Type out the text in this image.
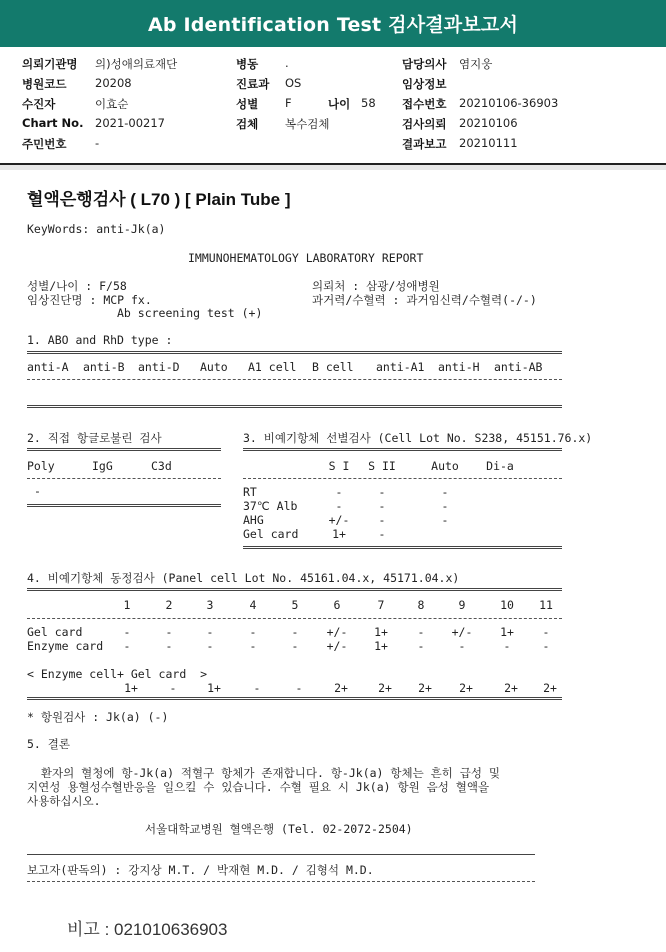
Ab Identification Test 검사결과보고서
의뢰기관명 의)성애의료재단	병동 .	담당의사 염지웅
병원코드 20208	진료과 OS	임상정보
수진자	이효순	성별 F	나이 58 접수번호 20210106-36903
Chart No. 2021-00217	검체 복수검체	검사의뢰 20210106
주민번호 -	결과보고 20210111
혈액은행검사 ( L70 ) [ Plain Tube ]
KeyWords: anti-Jk(a)
IMMUNOHEMATOLOGY LABORATORY REPORT
성별/나이 : F/58
임상진단명 : MCP fx.
Ab screening test (+)
의뢰처 : 삼광/성애병원
과거력/수혈력 : 과거임신력/수혈력(-/-)
1. ABO and RhD type :
anti-A anti-B anti-D Auto A1 cell B cell anti-A1 anti-H anti-AB
2. 직접 항글로불린 검사
Poly	IgG	C3d
-
3. 비예기항체 선별검사 (Cell Lot No. S238, 45151.76.x)
S I	S II	Auto	Di-a
RT	-	-	-
37℃ Alb	-	-	-
AHG	+/-	-	-
Gel card	1+	-
4. 비예기항체 동정검사 (Panel cell Lot No. 45161.04.x, 45171.04.x)
1	2	3	4	5	6	7	8	9	10	11
Gel card	-	-	-	-	-	+/-	1+	-	+/-	1+	-
Enzyme card	-	-	-	-	-	+/-	1+	-	-	-	-
< Enzyme cell+ Gel card  >
1+	-	1+	-	-	2+	2+	2+	2+	2+	2+
* 항원검사 : Jk(a) (-)
5. 결론
환자의 혈청에 항-Jk(a) 적혈구 항체가 존재합니다. 항-Jk(a) 항체는 흔히 급성 및
지연성 용혈성수혈반응을 일으킬 수 있습니다. 수혈 필요 시 Jk(a) 항원 음성 혈액을
사용하십시오.
서울대학교병원 혈액은행 (Tel. 02-2072-2504)
보고자(판독의) : 강지상 M.T. / 박재현 M.D. / 김형석 M.D.
비고 : 021010636903
